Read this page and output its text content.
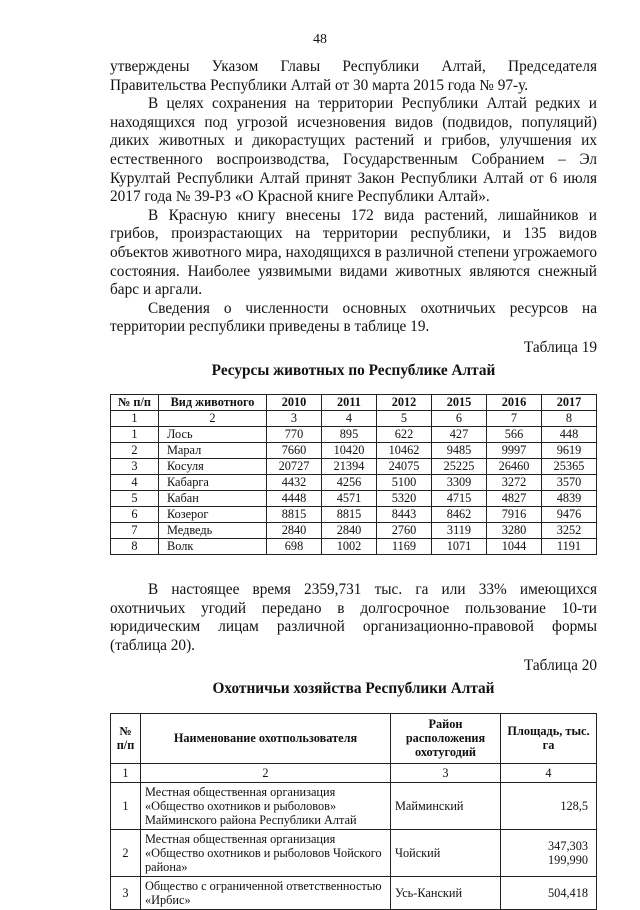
48

утверждены Указом Главы Республики Алтай, Председателя Правительства Республики Алтай от 30 марта 2015 года № 97-у.

В целях сохранения на территории Республики Алтай редких и находящихся под угрозой исчезновения видов (подвидов, популяций) диких животных и дикорастущих растений и грибов, улучшения их естественного воспроизводства, Государственным Собранием – Эл Курултай Республики Алтай принят Закон Республики Алтай от 6 июля 2017 года № 39-РЗ «О Красной книге Республики Алтай».

В Красную книгу внесены 172 вида растений, лишайников и грибов, произрастающих на территории республики, и 135 видов объектов животного мира, находящихся в различной степени угрожаемого состояния. Наиболее уязвимыми видами животных являются снежный барс и аргали.

Сведения о численности основных охотничьих ресурсов на территории республики приведены в таблице 19.

Таблица 19
Ресурсы животных по Республике Алтай
№ п/п	Вид животного	2010	2011	2012	2015	2016	2017
1	2	3	4	5	6	7	8
1	Лось	770	895	622	427	566	448
2	Марал	7660	10420	10462	9485	9997	9619
3	Косуля	20727	21394	24075	25225	26460	25365
4	Кабарга	4432	4256	5100	3309	3272	3570
5	Кабан	4448	4571	5320	4715	4827	4839
6	Козерог	8815	8815	8443	8462	7916	9476
7	Медведь	2840	2840	2760	3119	3280	3252
8	Волк	698	1002	1169	1071	1044	1191

В настоящее время 2359,731 тыс. га или 33% имеющихся охотничьих угодий передано в долгосрочное пользование 10-ти юридическим лицам различной организационно-правовой формы (таблица 20).

Таблица 20
Охотничьи хозяйства Республики Алтай
№ п/п	Наименование охотпользователя	Район расположения охотугодий	Площадь, тыс. га
1	2	3	4
1	Местная общественная организация «Общество охотников и рыболовов» Майминского района Республики Алтай	Майминский	128,5

2	Местная общественная организация «Общество охотников и рыболовов Чойского района»	Чойский	347,303
199,990

3	Общество с ограниченной ответственностью «Ирбис»	Усь-Канский	504,418
